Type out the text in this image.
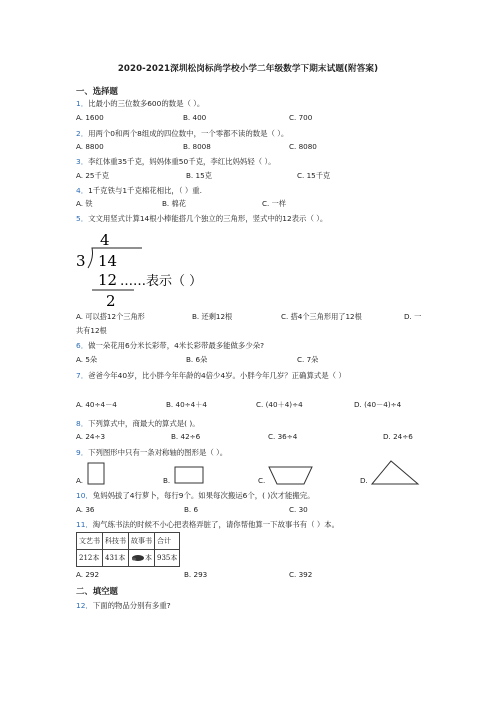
2020-2021深圳松岗标尚学校小学二年级数学下期末试题(附答案)
一、选择题
1．比最小的三位数多600的数是（ ）。
A. 1600	B. 400	C. 700
2．用两个0和两个8组成的四位数中，一个零都不读的数是（ ）。
A. 8800	B. 8008	C. 8080
3．李红体重35千克，妈妈体重50千克，李红比妈妈轻（ ）。
A. 25千克	B. 15克	C. 15千克
4．1千克铁与1千克棉花相比，（ ）重.
A. 铁	B. 棉花	C. 一样
5．文文用竖式计算14根小棒能搭几个独立的三角形，竖式中的12表示（ ）。
4
3 14
12
2
……表示（ ）
A. 可以搭12个三角形	B. 还剩12根	C. 搭4个三角形用了12根	D. 一
共有12根
6．做一朵花用6分米长彩带，4米长彩带最多能做多少朵?
A. 5朵	B. 6朵	C. 7朵
7．爸爸今年40岁，比小胖今年年龄的4倍少4岁。小胖今年几岁？正确算式是（ ）
A. 40÷4－4	B. 40÷4＋4	C. (40＋4)÷4	D. (40－4)÷4
8．下列算式中，商最大的算式是( )。
A. 24÷3	B. 42÷6	C. 36÷4	D. 24÷6
9．下列图形中只有一条对称轴的图形是（ ）。
A.	B.	C.	D.
10．兔妈妈拔了4行萝卜，每行9个。如果每次搬运6个，( )次才能搬完。
A. 36	B. 6	C. 30
11．淘气练书法的时候不小心把表格弄脏了，请你帮他算一下故事书有（ ）本。
文艺书	科技书	故事书	合计
212本	431本	本	935本
A. 292	B. 293	C. 392
二、填空题
12．下面的物品分别有多重?
